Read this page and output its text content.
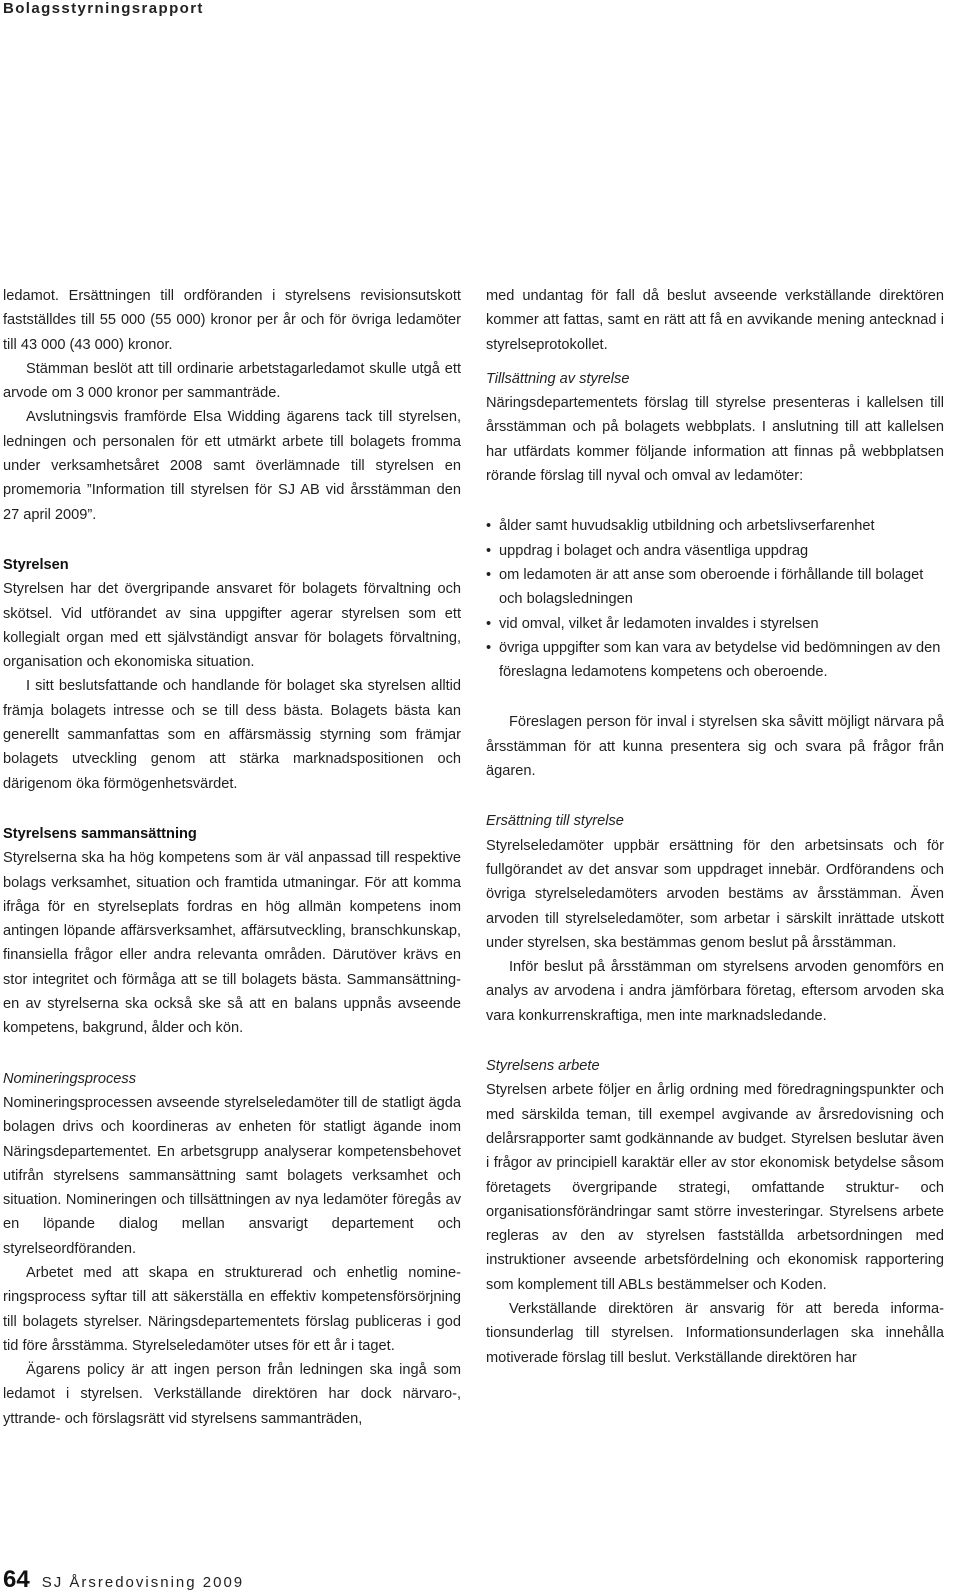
Bolagsstyrningsrapport

ledamot. Ersättningen till ordföranden i styrelsens revisionsutskott fastställdes till 55 000 (55 000) kronor per år och för övriga ledamöter till 43 000 (43 000) kronor.

Stämman beslöt att till ordinarie arbetstagarledamot skulle utgå ett arvode om 3 000 kronor per sammanträde.

Avslutningsvis framförde Elsa Widding ägarens tack till styrelsen, ledningen och personalen för ett utmärkt arbete till bolagets fromma under verksamhetsåret 2008 samt överlämnade till styrelsen en promemoria ”Information till styrelsen för SJ AB vid årsstämman den 27 april 2009”.

Styrelsen

Styrelsen har det övergripande ansvaret för bolagets förvaltning och skötsel. Vid utförandet av sina uppgifter agerar styrelsen som ett kollegialt organ med ett självständigt ansvar för bolagets förvaltning, organisation och ekonomiska situation.

I sitt beslutsfattande och handlande för bolaget ska styrelsen alltid främja bolagets intresse och se till dess bästa. Bolagets bästa kan generellt sammanfattas som en affärsmässig styrning som främjar bolagets utveckling genom att stärka marknadspositionen och därigenom öka förmögenhetsvärdet.

Styrelsens sammansättning

Styrelserna ska ha hög kompetens som är väl anpassad till respektive bolags verksamhet, situation och framtida utmaningar. För att komma ifråga för en styrelseplats fordras en hög allmän kompetens inom antingen löpande affärsverksamhet, affärsutveckling, branschkunskap, finansiella frågor eller andra relevanta områden. Därutöver krävs en stor integritet och förmåga att se till bolagets bästa. Sammansättningen av styrelserna ska också ske så att en balans uppnås avseende kompetens, bakgrund, ålder och kön.

Nomineringsprocess

Nomineringsprocessen avseende styrelseledamöter till de statligt ägda bolagen drivs och koordineras av enheten för statligt ägande inom Näringsdepartementet. En arbetsgrupp analyserar kompetensbehovet utifrån styrelsens sammansättning samt bolagets verksamhet och situation. Nomineringen och tillsättningen av nya ledamöter föregås av en löpande dialog mellan ansvarigt departement och styrelseordföranden.

Arbetet med att skapa en strukturerad och enhetlig nomineringsprocess syftar till att säkerställa en effektiv kompetensförsörjning till bolagets styrelser. Näringsdepartementets förslag publiceras i god tid före årsstämma. Styrelseledamöter utses för ett år i taget.

Ägarens policy är att ingen person från ledningen ska ingå som ledamot i styrelsen. Verkställande direktören har dock närvaro-, yttrande- och förslagsrätt vid styrelsens sammanträden,

med undantag för fall då beslut avseende verkställande direktören kommer att fattas, samt en rätt att få en avvikande mening antecknad i styrelseprotokollet.

Tillsättning av styrelse

Näringsdepartementets förslag till styrelse presenteras i kallelsen till årsstämman och på bolagets webbplats. I anslutning till att kallelsen har utfärdats kommer följande information att finnas på webbplatsen rörande förslag till nyval och omval av ledamöter:

• ålder samt huvudsaklig utbildning och arbetslivserfarenhet
• uppdrag i bolaget och andra väsentliga uppdrag
• om ledamoten är att anse som oberoende i förhållande till bolaget och bolagsledningen
• vid omval, vilket år ledamoten invaldes i styrelsen
• övriga uppgifter som kan vara av betydelse vid bedömningen av den föreslagna ledamotens kompetens och oberoende.

Föreslagen person för inval i styrelsen ska såvitt möjligt närvara på årsstämman för att kunna presentera sig och svara på frågor från ägaren.

Ersättning till styrelse

Styrelseledamöter uppbär ersättning för den arbetsinsats och för fullgörandet av det ansvar som uppdraget innebär. Ordförandens och övriga styrelseledamöters arvoden bestäms av årsstämman. Även arvoden till styrelseledamöter, som arbetar i särskilt inrättade utskott under styrelsen, ska bestämmas genom beslut på årsstämman.

Inför beslut på årsstämman om styrelsens arvoden genomförs en analys av arvodena i andra jämförbara företag, eftersom arvoden ska vara konkurrenskraftiga, men inte marknadsledande.

Styrelsens arbete

Styrelsen arbete följer en årlig ordning med föredragningspunkter och med särskilda teman, till exempel avgivande av årsredovisning och delårsrapporter samt godkännande av budget. Styrelsen beslutar även i frågor av principiell karaktär eller av stor ekonomisk betydelse såsom företagets övergripande strategi, omfattande struktur- och organisationsförändringar samt större investeringar. Styrelsens arbete regleras av den av styrelsen fastställda arbetsordningen med instruktioner avseende arbetsfördelning och ekonomisk rapportering som komplement till ABLs bestämmelser och Koden.

Verkställande direktören är ansvarig för att bereda informationsunderlag till styrelsen. Informationsunderlagen ska innehålla motiverade förslag till beslut. Verkställande direktören har

64 SJ Årsredovisning 2009
